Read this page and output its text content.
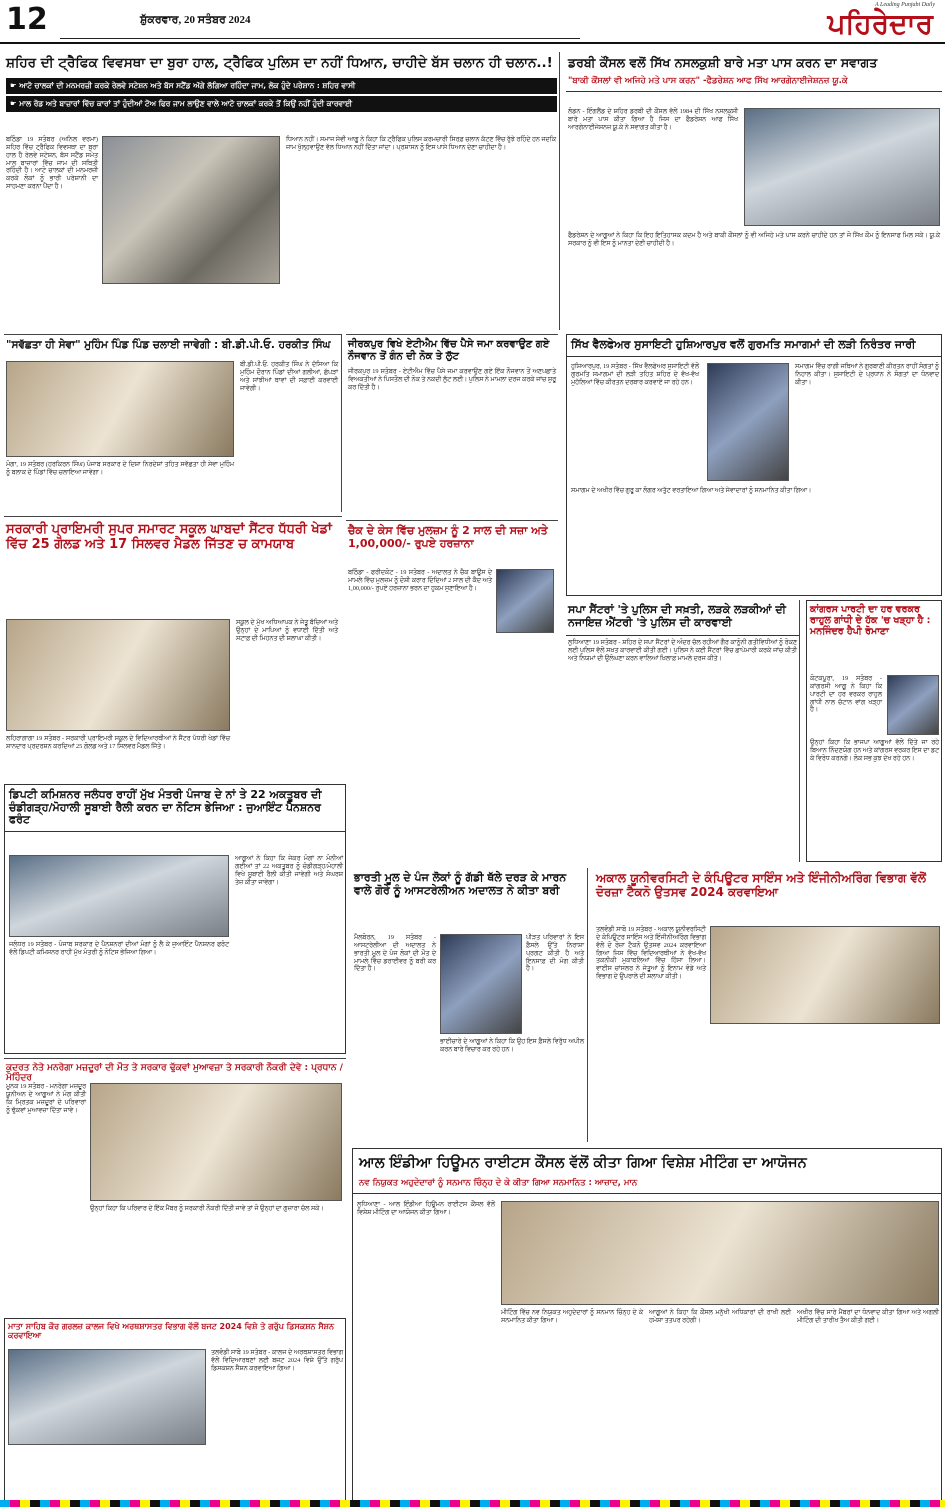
12	ਸ਼ੁੱਕਰਵਾਰ, 20 ਸਤੰਬਰ 2024
A Leading Punjabi Daily
ਪਹਿਰੇਦਾਰ
ਸ਼ਹਿਰ ਦੀ ਟ੍ਰੈਫਿਕ ਵਿਵਸਥਾ ਦਾ ਬੁਰਾ ਹਾਲ, ਟ੍ਰੈਫਿਕ ਪੁਲਿਸ ਦਾ ਨਹੀਂ ਧਿਆਨ, ਚਾਹੀਦੇ ਬੱਸ ਚਲਾਨ ਹੀ ਚਲਾਨ..!
☛ ਆਟੋ ਚਾਲਕਾਂ ਦੀ ਮਨਮਰਜ਼ੀ ਕਰਕੇ ਰੇਲਵੇ ਸਟੇਸ਼ਨ ਅਤੇ ਬੱਸ ਸਟੈਂਡ ਅੱਗੇ ਲੱਗਿਆ ਰਹਿੰਦਾ ਜਾਮ, ਲੋਕ ਹੁੰਦੇ ਪਰੇਸ਼ਾਨ : ਸ਼ਹਿਰ ਵਾਸੀ
☛ ਮਾਲ ਰੋਡ ਅਤੇ ਬਾਜ਼ਾਰਾਂ ਵਿੱਚ ਕਾਰਾਂ ਤਾਂ ਹੁੰਦੀਆਂ ਟੋਅ ਫਿਰ ਜਾਮ ਲਾਉਣ ਵਾਲੇ ਆਟੋ ਚਾਲਕਾਂ ਕਰਕੇ ਤੋਂ ਕਿਉਂ ਨਹੀਂ ਹੁੰਦੀ ਕਾਰਵਾਈ
ਬਠਿੰਡਾ 19 ਸਤੰਬਰ (ਅਨਿਲ ਵਰਮਾ) ਸ਼ਹਿਰ ਵਿੱਚ ਟ੍ਰੈਫਿਕ ਵਿਵਸਥਾ ਦਾ ਬੁਰਾ ਹਾਲ ਹੈ ਰੇਲਵੇ ਸਟੇਸ਼ਨ, ਬੱਸ ਸਟੈਂਡ ਸਮੇਤ ਮਾਲ ਬਾਜ਼ਾਰਾਂ ਵਿੱਚ ਜਾਮ ਦੀ ਸਥਿਤੀ ਰਹਿੰਦੀ ਹੈ। ਆਟੋ ਚਾਲਕਾਂ ਦੀ ਮਨਮਰਜ਼ੀ ਕਰਕੇ ਲੋਕਾਂ ਨੂੰ ਭਾਰੀ ਪਰੇਸ਼ਾਨੀ ਦਾ ਸਾਹਮਣਾ ਕਰਨਾ ਪੈਂਦਾ ਹੈ।
ਧਿਆਨ ਨਹੀਂ। ਸਮਾਜ ਸੇਵੀ ਆਗੂ ਨੇ ਕਿਹਾ ਕਿ ਟ੍ਰੈਫਿਕ ਪੁਲਿਸ ਕਰਮਚਾਰੀ ਸਿਰਫ਼ ਚਲਾਨ ਕੱਟਣ ਵਿੱਚ ਰੁੱਝੇ ਰਹਿੰਦੇ ਹਨ ਜਦਕਿ ਜਾਮ ਖੁੱਲ੍ਹਵਾਉਣ ਵੱਲ ਧਿਆਨ ਨਹੀਂ ਦਿੱਤਾ ਜਾਂਦਾ। ਪ੍ਰਸ਼ਾਸਨ ਨੂੰ ਇਸ ਪਾਸੇ ਧਿਆਨ ਦੇਣਾ ਚਾਹੀਦਾ ਹੈ।
ਡਰਬੀ ਕੌਂਸਲ ਵਲੋਂ ਸਿੱਖ ਨਸਲਕੁਸ਼ੀ ਬਾਰੇ ਮਤਾ ਪਾਸ ਕਰਨ ਦਾ ਸਵਾਗਤ
"ਬਾਕੀ ਕੌਂਸਲਾਂ ਵੀ ਅਜਿਹੇ ਮਤੇ ਪਾਸ ਕਰਨ" -ਫੈਡਰੇਸ਼ਨ ਆਫ ਸਿੱਖ ਆਰਗੇਨਾਈਜੇਸ਼ਨਜ਼ ਯੂ.ਕੇ
ਲੰਡਨ - ਇੰਗਲੈਂਡ ਦੇ ਸ਼ਹਿਰ ਡਰਬੀ ਦੀ ਕੌਂਸਲ ਵੱਲੋਂ 1984 ਦੀ ਸਿੱਖ ਨਸਲਕੁਸ਼ੀ ਬਾਰੇ ਮਤਾ ਪਾਸ ਕੀਤਾ ਗਿਆ ਹੈ ਜਿਸ ਦਾ ਫੈਡਰੇਸ਼ਨ ਆਫ ਸਿੱਖ ਆਰਗੇਨਾਈਜੇਸ਼ਨਜ਼ ਯੂ.ਕੇ ਨੇ ਸਵਾਗਤ ਕੀਤਾ ਹੈ।
ਫੈਡਰੇਸ਼ਨ ਦੇ ਆਗੂਆਂ ਨੇ ਕਿਹਾ ਕਿ ਇਹ ਇਤਿਹਾਸਕ ਕਦਮ ਹੈ ਅਤੇ ਬਾਕੀ ਕੌਂਸਲਾਂ ਨੂੰ ਵੀ ਅਜਿਹੇ ਮਤੇ ਪਾਸ ਕਰਨੇ ਚਾਹੀਦੇ ਹਨ ਤਾਂ ਜੋ ਸਿੱਖ ਕੌਮ ਨੂੰ ਇਨਸਾਫ ਮਿਲ ਸਕੇ। ਯੂ.ਕੇ ਸਰਕਾਰ ਨੂੰ ਵੀ ਇਸ ਨੂੰ ਮਾਨਤਾ ਦੇਣੀ ਚਾਹੀਦੀ ਹੈ।
"ਸਵੱਛਤਾ ਹੀ ਸੇਵਾ" ਮੁਹਿੰਮ ਪਿੰਡ ਪਿੰਡ ਚਲਾਈ ਜਾਵੇਗੀ : ਬੀ.ਡੀ.ਪੀ.ਓ. ਹਰਕੀਤ ਸਿੰਘ
ਮੋਗਾ, 19 ਸਤੰਬਰ (ਹਰਕਿਰਨ ਸਿੰਘ) ਪੰਜਾਬ ਸਰਕਾਰ ਦੇ ਦਿਸ਼ਾ ਨਿਰਦੇਸ਼ਾਂ ਤਹਿਤ ਸਵੱਛਤਾ ਹੀ ਸੇਵਾ ਮੁਹਿੰਮ ਨੂੰ ਬਲਾਕ ਦੇ ਪਿੰਡਾਂ ਵਿੱਚ ਚਲਾਇਆ ਜਾਵੇਗਾ।
ਬੀ.ਡੀ.ਪੀ.ਓ. ਹਰਕੀਤ ਸਿੰਘ ਨੇ ਦੱਸਿਆ ਕਿ ਮੁਹਿੰਮ ਦੌਰਾਨ ਪਿੰਡਾਂ ਦੀਆਂ ਗਲੀਆਂ, ਛੱਪੜਾਂ ਅਤੇ ਸਾਂਝੀਆਂ ਥਾਵਾਂ ਦੀ ਸਫ਼ਾਈ ਕਰਵਾਈ ਜਾਵੇਗੀ।
ਜੀਰਕਪੁਰ ਵਿਖੇ ਏਟੀਐਮ ਵਿੱਚ ਪੈਸੇ ਜਮਾ ਕਰਵਾਉਣ ਗਏ ਨੌਜਵਾਨ ਤੋਂ ਗੰਨ ਦੀ ਨੋਕ ਤੇ ਲੁੱਟ
ਜੀਰਕਪੁਰ 19 ਸਤੰਬਰ - ਏਟੀਐਮ ਵਿੱਚ ਪੈਸੇ ਜਮਾ ਕਰਵਾਉਣ ਗਏ ਇੱਕ ਨੌਜਵਾਨ ਤੋਂ ਅਣਪਛਾਤੇ ਵਿਅਕਤੀਆਂ ਨੇ ਪਿਸਤੌਲ ਦੀ ਨੋਕ ਤੇ ਨਕਦੀ ਲੁੱਟ ਲਈ। ਪੁਲਿਸ ਨੇ ਮਾਮਲਾ ਦਰਜ ਕਰਕੇ ਜਾਂਚ ਸ਼ੁਰੂ ਕਰ ਦਿੱਤੀ ਹੈ।
ਚੈਕ ਦੇ ਕੇਸ ਵਿੱਚ ਮੁਲਜ਼ਮ ਨੂੰ 2 ਸਾਲ ਦੀ ਸਜ਼ਾ ਅਤੇ 1,00,000/- ਰੁਪਏ ਹਰਜ਼ਾਨਾ
ਬਠਿੰਡਾ - ਫਰੀਦਕੋਟ - 19 ਸਤੰਬਰ - ਅਦਾਲਤ ਨੇ ਚੈਕ ਬਾਊਂਸ ਦੇ ਮਾਮਲੇ ਵਿੱਚ ਮੁਲਜ਼ਮ ਨੂੰ ਦੋਸ਼ੀ ਕਰਾਰ ਦਿੰਦਿਆਂ 2 ਸਾਲ ਦੀ ਕੈਦ ਅਤੇ 1,00,000/- ਰੁਪਏ ਹਰਜ਼ਾਨਾ ਭਰਨ ਦਾ ਹੁਕਮ ਸੁਣਾਇਆ ਹੈ।
ਸਿੱਖ ਵੈਲਫੇਅਰ ਸੁਸਾਇਟੀ ਹੁਸ਼ਿਆਰਪੁਰ ਵਲੋਂ ਗੁਰਮਤਿ ਸਮਾਗਮਾਂ ਦੀ ਲੜੀ ਨਿਰੰਤਰ ਜਾਰੀ
ਹੁਸ਼ਿਆਰਪੁਰ, 19 ਸਤੰਬਰ - ਸਿੱਖ ਵੈਲਫੇਅਰ ਸੁਸਾਇਟੀ ਵੱਲੋਂ ਗੁਰਮਤਿ ਸਮਾਗਮਾਂ ਦੀ ਲੜੀ ਤਹਿਤ ਸ਼ਹਿਰ ਦੇ ਵੱਖ-ਵੱਖ ਮੁਹੱਲਿਆਂ ਵਿੱਚ ਕੀਰਤਨ ਦਰਬਾਰ ਕਰਵਾਏ ਜਾ ਰਹੇ ਹਨ।
ਸਮਾਗਮ ਵਿੱਚ ਰਾਗੀ ਜਥਿਆਂ ਨੇ ਗੁਰਬਾਣੀ ਕੀਰਤਨ ਰਾਹੀਂ ਸੰਗਤਾਂ ਨੂੰ ਨਿਹਾਲ ਕੀਤਾ। ਸੁਸਾਇਟੀ ਦੇ ਪ੍ਰਧਾਨ ਨੇ ਸੰਗਤਾਂ ਦਾ ਧੰਨਵਾਦ ਕੀਤਾ।
ਸਮਾਗਮ ਦੇ ਅਖੀਰ ਵਿੱਚ ਗੁਰੂ ਕਾ ਲੰਗਰ ਅਤੁੱਟ ਵਰਤਾਇਆ ਗਿਆ ਅਤੇ ਸੇਵਾਦਾਰਾਂ ਨੂੰ ਸਨਮਾਨਿਤ ਕੀਤਾ ਗਿਆ।
ਸਰਕਾਰੀ ਪ੍ਰਾਇਮਰੀ ਸੁਪਰ ਸਮਾਰਟ ਸਕੂਲ ਘਾਬਦਾਂ ਸੈਂਟਰ ਧੱਧਰੀ ਖੇਡਾਂ ਵਿੱਚ 25 ਗੋਲਡ ਅਤੇ 17 ਸਿਲਵਰ ਮੈਡਲ ਜਿੱਤਣ ਚ ਕਾਮਯਾਬ
ਲਹਿਰਾਗਾਗਾ 19 ਸਤੰਬਰ - ਸਰਕਾਰੀ ਪ੍ਰਾਇਮਰੀ ਸਕੂਲ ਦੇ ਵਿਦਿਆਰਥੀਆਂ ਨੇ ਸੈਂਟਰ ਪੱਧਰੀ ਖੇਡਾਂ ਵਿੱਚ ਸ਼ਾਨਦਾਰ ਪ੍ਰਦਰਸ਼ਨ ਕਰਦਿਆਂ 25 ਗੋਲਡ ਅਤੇ 17 ਸਿਲਵਰ ਮੈਡਲ ਜਿੱਤੇ।
ਸਕੂਲ ਦੇ ਮੁੱਖ ਅਧਿਆਪਕ ਨੇ ਜੇਤੂ ਬੱਚਿਆਂ ਅਤੇ ਉਨ੍ਹਾਂ ਦੇ ਮਾਪਿਆਂ ਨੂੰ ਵਧਾਈ ਦਿੱਤੀ ਅਤੇ ਸਟਾਫ਼ ਦੀ ਮਿਹਨਤ ਦੀ ਸ਼ਲਾਘਾ ਕੀਤੀ।
ਸਪਾ ਸੈਂਟਰਾਂ 'ਤੇ ਪੁਲਿਸ ਦੀ ਸਖ਼ਤੀ, ਲੜਕੇ ਲੜਕੀਆਂ ਦੀ ਨਜਾਇਜ਼ ਐਂਟਰੀ 'ਤੇ ਪੁਲਿਸ ਦੀ ਕਾਰਵਾਈ
ਲੁਧਿਆਣਾ 19 ਸਤੰਬਰ - ਸ਼ਹਿਰ ਦੇ ਸਪਾ ਸੈਂਟਰਾਂ ਦੇ ਅੰਦਰ ਚੱਲ ਰਹੀਆਂ ਗੈਰ ਕਾਨੂੰਨੀ ਗਤੀਵਿਧੀਆਂ ਨੂੰ ਰੋਕਣ ਲਈ ਪੁਲਿਸ ਵੱਲੋਂ ਸਖ਼ਤ ਕਾਰਵਾਈ ਕੀਤੀ ਗਈ। ਪੁਲਿਸ ਨੇ ਕਈ ਸੈਂਟਰਾਂ ਵਿੱਚ ਛਾਪੇਮਾਰੀ ਕਰਕੇ ਜਾਂਚ ਕੀਤੀ ਅਤੇ ਨਿਯਮਾਂ ਦੀ ਉਲੰਘਣਾ ਕਰਨ ਵਾਲਿਆਂ ਖ਼ਿਲਾਫ਼ ਮਾਮਲੇ ਦਰਜ ਕੀਤੇ।
ਕਾਂਗਰਸ ਪਾਰਟੀ ਦਾ ਹਰ ਵਰਕਰ ਰਾਹੁਲ ਗਾਂਧੀ ਦੇ ਹੱਕ 'ਚ ਖੜ੍ਹਾ ਹੈ : ਮਨਜਿੰਦਰ ਹੈਪੀ ਰੋਮਾਣਾ
ਕੋਟਕਪੂਰਾ, 19 ਸਤੰਬਰ - ਕਾਂਗਰਸੀ ਆਗੂ ਨੇ ਕਿਹਾ ਕਿ ਪਾਰਟੀ ਦਾ ਹਰ ਵਰਕਰ ਰਾਹੁਲ ਗਾਂਧੀ ਨਾਲ ਚੱਟਾਨ ਵਾਂਗ ਖੜ੍ਹਾ ਹੈ।
ਉਨ੍ਹਾਂ ਕਿਹਾ ਕਿ ਭਾਜਪਾ ਆਗੂਆਂ ਵੱਲੋਂ ਦਿੱਤੇ ਜਾ ਰਹੇ ਬਿਆਨ ਨਿੰਦਣਯੋਗ ਹਨ ਅਤੇ ਕਾਂਗਰਸ ਵਰਕਰ ਇਸ ਦਾ ਡਟ ਕੇ ਵਿਰੋਧ ਕਰਨਗੇ। ਲੋਕ ਸਭ ਕੁਝ ਦੇਖ ਰਹੇ ਹਨ।
ਡਿਪਟੀ ਕਮਿਸ਼ਨਰ ਜਲੰਧਰ ਰਾਹੀਂ ਮੁੱਖ ਮੰਤਰੀ ਪੰਜਾਬ ਦੇ ਨਾਂ ਤੇ 22 ਅਕਤੂਬਰ ਦੀ ਚੰਡੀਗੜ੍ਹ/ਮੋਹਾਲੀ ਸੂਬਾਈ ਰੈਲੀ ਕਰਨ ਦਾ ਨੋਟਿਸ ਭੇਜਿਆ : ਜੁਆਇੰਟ ਪੈਨਸ਼ਨਰ ਫਰੰਟ
ਜਲੰਧਰ 19 ਸਤੰਬਰ - ਪੰਜਾਬ ਸਰਕਾਰ ਦੇ ਪੈਨਸ਼ਨਰਾਂ ਦੀਆਂ ਮੰਗਾਂ ਨੂੰ ਲੈ ਕੇ ਜੁਆਇੰਟ ਪੈਨਸ਼ਨਰ ਫਰੰਟ ਵੱਲੋਂ ਡਿਪਟੀ ਕਮਿਸ਼ਨਰ ਰਾਹੀਂ ਮੁੱਖ ਮੰਤਰੀ ਨੂੰ ਨੋਟਿਸ ਭੇਜਿਆ ਗਿਆ।
ਆਗੂਆਂ ਨੇ ਕਿਹਾ ਕਿ ਜੇਕਰ ਮੰਗਾਂ ਨਾ ਮੰਨੀਆਂ ਗਈਆਂ ਤਾਂ 22 ਅਕਤੂਬਰ ਨੂੰ ਚੰਡੀਗੜ੍ਹ/ਮੋਹਾਲੀ ਵਿਖੇ ਸੂਬਾਈ ਰੈਲੀ ਕੀਤੀ ਜਾਵੇਗੀ ਅਤੇ ਸੰਘਰਸ਼ ਤੇਜ਼ ਕੀਤਾ ਜਾਵੇਗਾ।	ਭਾਰਤੀ ਮੂਲ ਦੇ ਪੰਜ ਲੋਕਾਂ ਨੂੰ ਗੱਡੀ ਥੱਲੇ ਦਰੜ ਕੇ ਮਾਰਨ ਵਾਲੇ ਗੋਰੇ ਨੂੰ ਆਸਟਰੇਲੀਅਨ ਅਦਾਲਤ ਨੇ ਕੀਤਾ ਬਰੀ
ਮੈਲਬੋਰਨ, 19 ਸਤੰਬਰ - ਆਸਟਰੇਲੀਆ ਦੀ ਅਦਾਲਤ ਨੇ ਭਾਰਤੀ ਮੂਲ ਦੇ ਪੰਜ ਲੋਕਾਂ ਦੀ ਮੌਤ ਦੇ ਮਾਮਲੇ ਵਿੱਚ ਡਰਾਈਵਰ ਨੂੰ ਬਰੀ ਕਰ ਦਿੱਤਾ ਹੈ।
ਪੀੜਤ ਪਰਿਵਾਰਾਂ ਨੇ ਇਸ ਫ਼ੈਸਲੇ ਉੱਤੇ ਨਿਰਾਸ਼ਾ ਪ੍ਰਗਟ ਕੀਤੀ ਹੈ ਅਤੇ ਇਨਸਾਫ਼ ਦੀ ਮੰਗ ਕੀਤੀ ਹੈ।
ਭਾਈਚਾਰੇ ਦੇ ਆਗੂਆਂ ਨੇ ਕਿਹਾ ਕਿ ਉਹ ਇਸ ਫ਼ੈਸਲੇ ਵਿਰੁੱਧ ਅਪੀਲ ਕਰਨ ਬਾਰੇ ਵਿਚਾਰ ਕਰ ਰਹੇ ਹਨ।
ਅਕਾਲ ਯੂਨੀਵਰਸਿਟੀ ਦੇ ਕੰਪਿਊਟਰ ਸਾਇੰਸ ਅਤੇ ਇੰਜੀਨੀਅਰਿੰਗ ਵਿਭਾਗ ਵੱਲੋਂ ਦੋਰਜ਼ਾ ਟੈਕਨੋ ਉਤਸਵ 2024 ਕਰਵਾਇਆ
ਤਲਵੰਡੀ ਸਾਬੋ 19 ਸਤੰਬਰ - ਅਕਾਲ ਯੂਨੀਵਰਸਿਟੀ ਦੇ ਕੰਪਿਊਟਰ ਸਾਇੰਸ ਅਤੇ ਇੰਜੀਨੀਅਰਿੰਗ ਵਿਭਾਗ ਵੱਲੋਂ ਦੋ ਰੋਜ਼ਾ ਟੈਕਨੋ ਉਤਸਵ 2024 ਕਰਵਾਇਆ ਗਿਆ ਜਿਸ ਵਿੱਚ ਵਿਦਿਆਰਥੀਆਂ ਨੇ ਵੱਖ-ਵੱਖ ਤਕਨੀਕੀ ਮੁਕਾਬਲਿਆਂ ਵਿੱਚ ਹਿੱਸਾ ਲਿਆ। ਵਾਈਸ ਚਾਂਸਲਰ ਨੇ ਜੇਤੂਆਂ ਨੂੰ ਇਨਾਮ ਵੰਡੇ ਅਤੇ ਵਿਭਾਗ ਦੇ ਉਪਰਾਲੇ ਦੀ ਸ਼ਲਾਘਾ ਕੀਤੀ।
ਕੁਦਰਤ ਨੇਤੇ ਮਨਰੇਗਾ ਮਜ਼ਦੂਰਾਂ ਦੀ ਮੌਤ ਤੇ ਸਰਕਾਰ ਢੁੱਕਵਾਂ ਮੁਆਵਜ਼ਾ ਤੇ ਸਰਕਾਰੀ ਨੌਕਰੀ ਦੇਵੇ : ਪ੍ਰਧਾਨ / ਮੋਹਿੰਦਰ
ਮੂਨਕ 19 ਸਤੰਬਰ - ਮਨਰੇਗਾ ਮਜ਼ਦੂਰ ਯੂਨੀਅਨ ਦੇ ਆਗੂਆਂ ਨੇ ਮੰਗ ਕੀਤੀ ਕਿ ਮ੍ਰਿਤਕ ਮਜ਼ਦੂਰਾਂ ਦੇ ਪਰਿਵਾਰਾਂ ਨੂੰ ਢੁੱਕਵਾਂ ਮੁਆਵਜ਼ਾ ਦਿੱਤਾ ਜਾਵੇ।
ਉਨ੍ਹਾਂ ਕਿਹਾ ਕਿ ਪਰਿਵਾਰ ਦੇ ਇੱਕ ਮੈਂਬਰ ਨੂੰ ਸਰਕਾਰੀ ਨੌਕਰੀ ਦਿੱਤੀ ਜਾਵੇ ਤਾਂ ਜੋ ਉਨ੍ਹਾਂ ਦਾ ਗੁਜ਼ਾਰਾ ਚੱਲ ਸਕੇ।
ਮਾਤਾ ਸਾਹਿਬ ਕੌਰ ਗਰਲਜ਼ ਕਾਲਜ ਵਿਖੇ ਅਰਥਸ਼ਾਸਤਰ ਵਿਭਾਗ ਵੱਲੋਂ ਬਜਟ 2024 ਵਿਸ਼ੇ ਤੇ ਗਰੁੱਪ ਡਿਸਕਸ਼ਨ ਸੈਸ਼ਨ ਕਰਵਾਇਆ
ਤਲਵੰਡੀ ਸਾਬੋ 19 ਸਤੰਬਰ - ਕਾਲਜ ਦੇ ਅਰਥਸ਼ਾਸਤਰ ਵਿਭਾਗ ਵੱਲੋਂ ਵਿਦਿਆਰਥਣਾਂ ਲਈ ਬਜਟ 2024 ਵਿਸ਼ੇ ਉੱਤੇ ਗਰੁੱਪ ਡਿਸਕਸ਼ਨ ਸੈਸ਼ਨ ਕਰਵਾਇਆ ਗਿਆ।
ਆਲ ਇੰਡੀਆ ਹਿਊਮਨ ਰਾਈਟਸ ਕੌਂਸਲ ਵੱਲੋਂ ਕੀਤਾ ਗਿਆ ਵਿਸ਼ੇਸ਼ ਮੀਟਿੰਗ ਦਾ ਆਯੋਜਨ
ਨਵ ਨਿਯੁਕਤ ਅਹੁਦੇਦਾਰਾਂ ਨੂੰ ਸਨਮਾਨ ਚਿੰਨ੍ਹ ਦੇ ਕੇ ਕੀਤਾ ਗਿਆ ਸਨਮਾਨਿਤ : ਆਜ਼ਾਦ, ਮਾਨ
ਲੁਧਿਆਣਾ - ਆਲ ਇੰਡੀਆ ਹਿਊਮਨ ਰਾਈਟਸ ਕੌਂਸਲ ਵੱਲੋਂ ਵਿਸ਼ੇਸ਼ ਮੀਟਿੰਗ ਦਾ ਆਯੋਜਨ ਕੀਤਾ ਗਿਆ।
ਮੀਟਿੰਗ ਵਿੱਚ ਨਵ ਨਿਯੁਕਤ ਅਹੁਦੇਦਾਰਾਂ ਨੂੰ ਸਨਮਾਨ ਚਿੰਨ੍ਹ ਦੇ ਕੇ ਸਨਮਾਨਿਤ ਕੀਤਾ ਗਿਆ।
ਆਗੂਆਂ ਨੇ ਕਿਹਾ ਕਿ ਕੌਂਸਲ ਮਨੁੱਖੀ ਅਧਿਕਾਰਾਂ ਦੀ ਰਾਖੀ ਲਈ ਹਮੇਸ਼ਾ ਤਤਪਰ ਰਹੇਗੀ।
ਅਖੀਰ ਵਿੱਚ ਸਾਰੇ ਮੈਂਬਰਾਂ ਦਾ ਧੰਨਵਾਦ ਕੀਤਾ ਗਿਆ ਅਤੇ ਅਗਲੀ ਮੀਟਿੰਗ ਦੀ ਤਾਰੀਖ ਤੈਅ ਕੀਤੀ ਗਈ।
